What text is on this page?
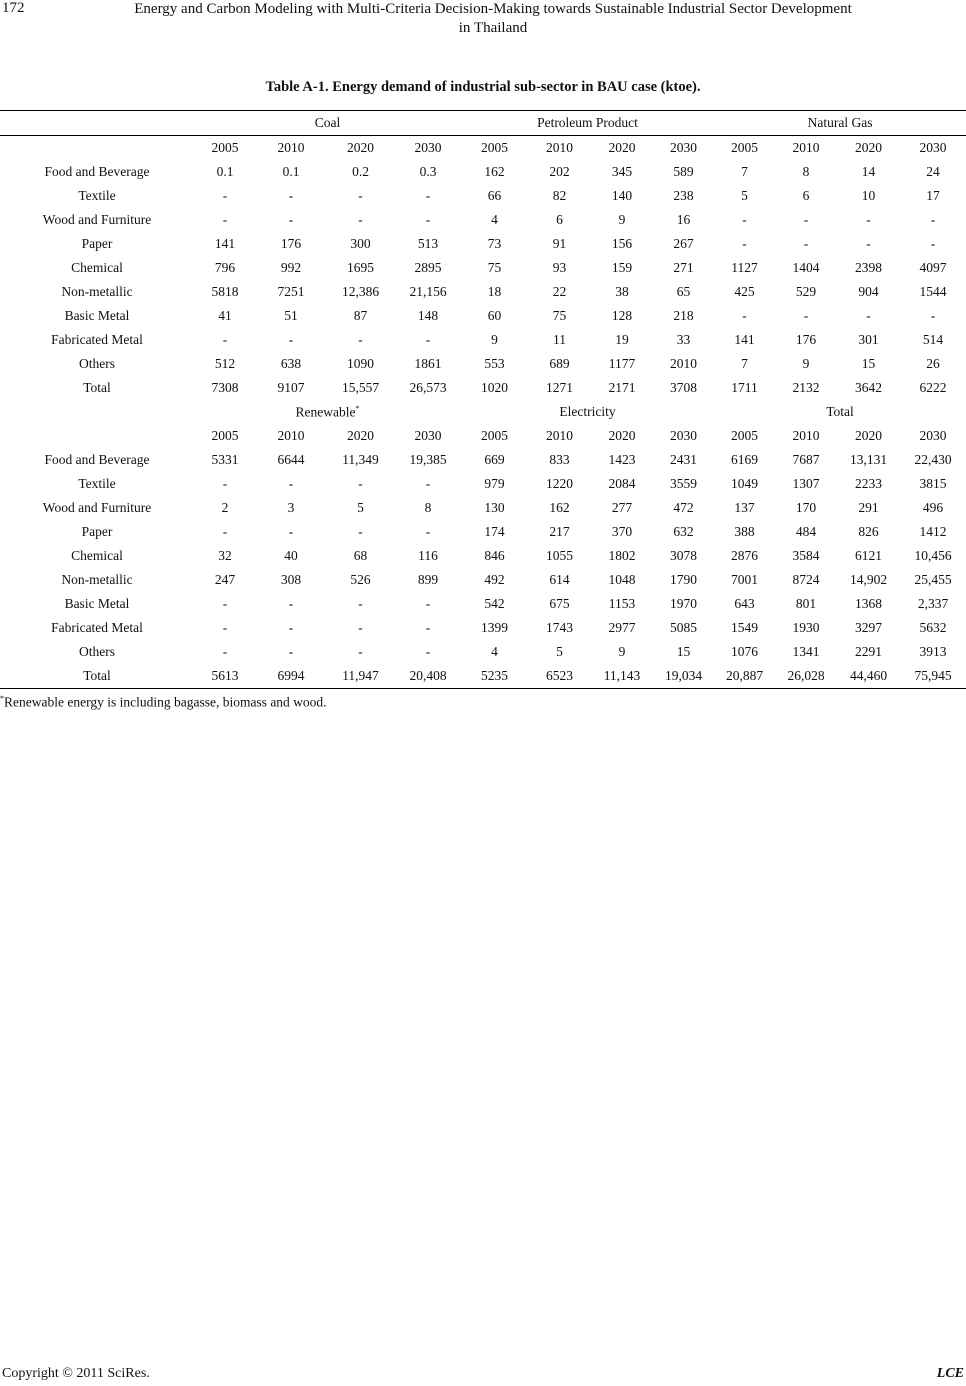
172	Energy and Carbon Modeling with Multi-Criteria Decision-Making towards Sustainable Industrial Sector Development
in Thailand
Table A-1. Energy demand of industrial sub-sector in BAU case (ktoe).
	Coal				Petroleum Product				Natural Gas			
	2005	2010	2020	2030	2005	2010	2020	2030	2005	2010	2020	2030
Food and Beverage	0.1	0.1	0.2	0.3	162	202	345	589	7	8	14	24
Textile	-	-	-	-	66	82	140	238	5	6	10	17
Wood and Furniture	-	-	-	-	4	6	9	16	-	-	-	-
Paper	141	176	300	513	73	91	156	267	-	-	-	-
Chemical	796	992	1695	2895	75	93	159	271	1127	1404	2398	4097
Non-metallic	5818	7251	12,386	21,156	18	22	38	65	425	529	904	1544
Basic Metal	41	51	87	148	60	75	128	218	-	-	-	-
Fabricated Metal	-	-	-	-	9	11	19	33	141	176	301	514
Others	512	638	1090	1861	553	689	1177	2010	7	9	15	26
Total	7308	9107	15,557	26,573	1020	1271	2171	3708	1711	2132	3642	6222
	Renewable*				Electricity				Total			
	2005	2010	2020	2030	2005	2010	2020	2030	2005	2010	2020	2030
Food and Beverage	5331	6644	11,349	19,385	669	833	1423	2431	6169	7687	13,131	22,430
Textile	-	-	-	-	979	1220	2084	3559	1049	1307	2233	3815
Wood and Furniture	2	3	5	8	130	162	277	472	137	170	291	496
Paper	-	-	-	-	174	217	370	632	388	484	826	1412
Chemical	32	40	68	116	846	1055	1802	3078	2876	3584	6121	10,456
Non-metallic	247	308	526	899	492	614	1048	1790	7001	8724	14,902	25,455
Basic Metal	-	-	-	-	542	675	1153	1970	643	801	1368	2,337
Fabricated Metal	-	-	-	-	1399	1743	2977	5085	1549	1930	3297	5632
Others	-	-	-	-	4	5	9	15	1076	1341	2291	3913
Total	5613	6994	11,947	20,408	5235	6523	11,143	19,034	20,887	26,028	44,460	75,945
*Renewable energy is including bagasse, biomass and wood.
Copyright © 2011 SciRes.	LCE
